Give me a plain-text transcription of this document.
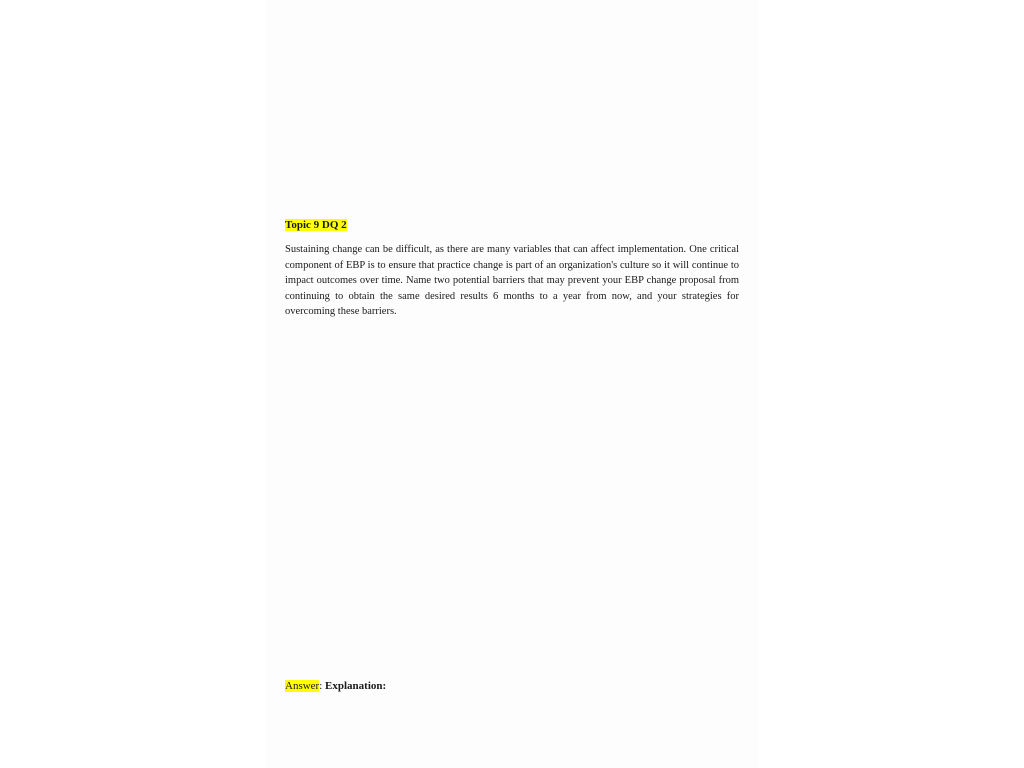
Topic 9 DQ 2
Sustaining change can be difficult, as there are many variables that can affect implementation. One critical component of EBP is to ensure that practice change is part of an organization's culture so it will continue to impact outcomes over time. Name two potential barriers that may prevent your EBP change proposal from continuing to obtain the same desired results 6 months to a year from now, and your strategies for overcoming these barriers.
Answer: Explanation:
